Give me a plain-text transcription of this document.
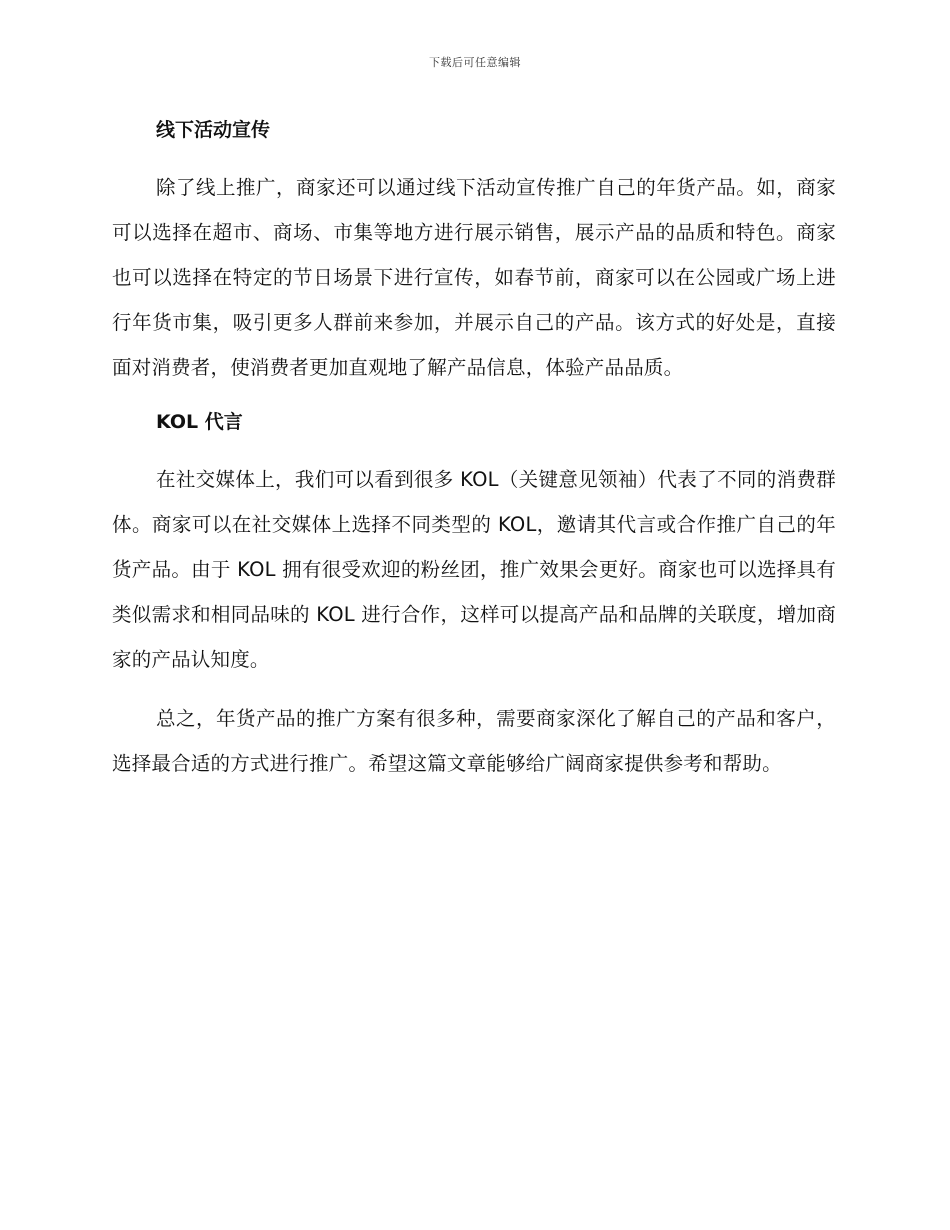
下载后可任意编辑
线下活动宣传

除了线上推广，商家还可以通过线下活动宣传推广自己的年货产品。如，商家可以选择在超市、商场、市集等地方进行展示销售，展示产品的品质和特色。商家也可以选择在特定的节日场景下进行宣传，如春节前，商家可以在公园或广场上进行年货市集，吸引更多人群前来参加，并展示自己的产品。该方式的好处是，直接面对消费者，使消费者更加直观地了解产品信息，体验产品品质。

KOL 代言

在社交媒体上，我们可以看到很多 KOL（关键意见领袖）代表了不同的消费群体。商家可以在社交媒体上选择不同类型的 KOL，邀请其代言或合作推广自己的年货产品。由于 KOL 拥有很受欢迎的粉丝团，推广效果会更好。商家也可以选择具有类似需求和相同品味的 KOL 进行合作，这样可以提高产品和品牌的关联度，增加商家的产品认知度。

总之，年货产品的推广方案有很多种，需要商家深化了解自己的产品和客户，选择最合适的方式进行推广。希望这篇文章能够给广阔商家提供参考和帮助。
